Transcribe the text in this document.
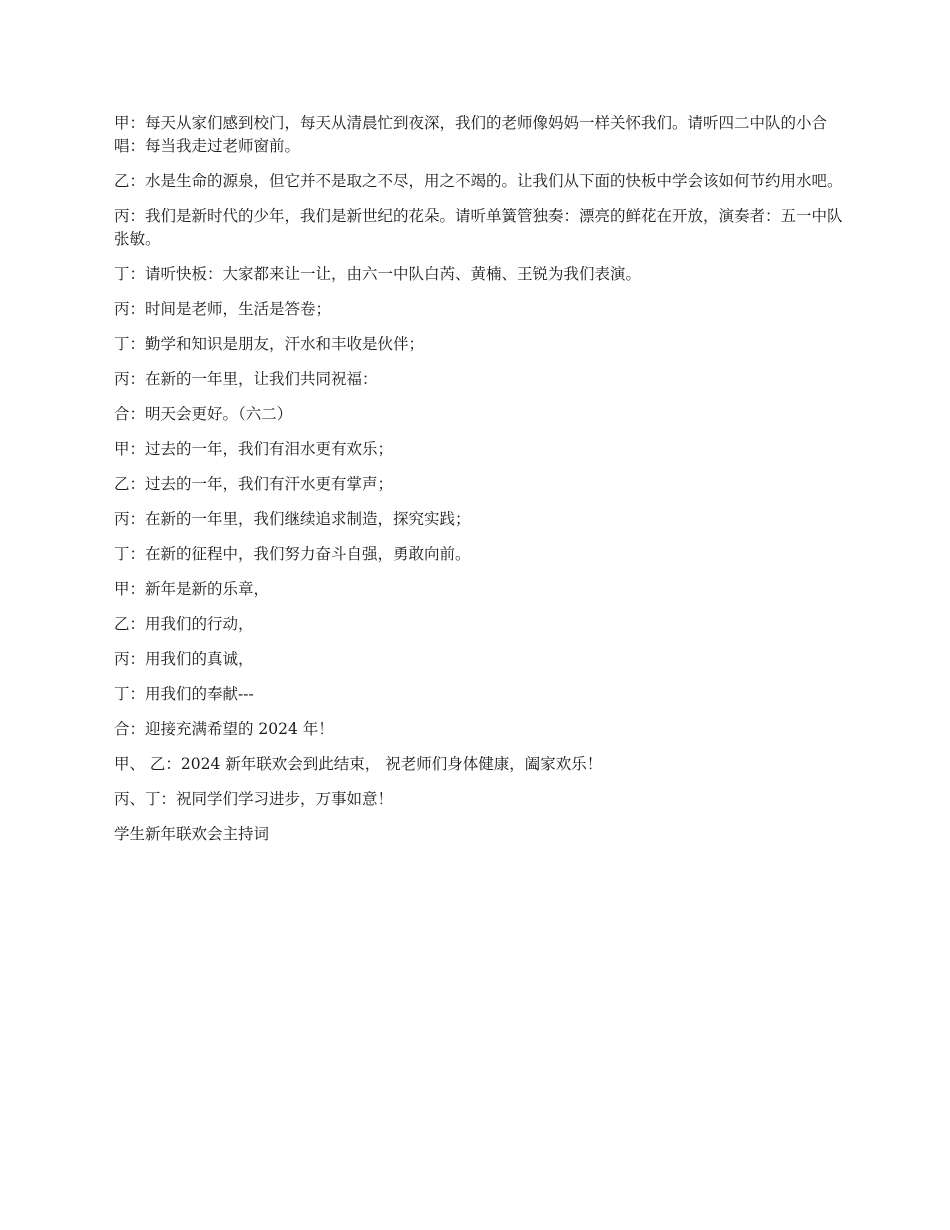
甲：每天从家们感到校门，每天从清晨忙到夜深，我们的老师像妈妈一样关怀我们。请听四二中队的小合唱：每当我走过老师窗前。

乙：水是生命的源泉，但它并不是取之不尽，用之不竭的。让我们从下面的快板中学会该如何节约用水吧。

丙：我们是新时代的少年，我们是新世纪的花朵。请听单簧管独奏：漂亮的鲜花在开放，演奏者：五一中队张敏。

丁：请听快板：大家都来让一让，由六一中队白芮、黄楠、王锐为我们表演。

丙：时间是老师，生活是答卷；

丁：勤学和知识是朋友，汗水和丰收是伙伴；

丙：在新的一年里，让我们共同祝福：

合：明天会更好。（六二）

甲：过去的一年，我们有泪水更有欢乐；

乙：过去的一年，我们有汗水更有掌声；

丙：在新的一年里，我们继续追求制造，探究实践；

丁：在新的征程中，我们努力奋斗自强，勇敢向前。

甲：新年是新的乐章，

乙：用我们的行动，

丙：用我们的真诚，

丁：用我们的奉献---

合：迎接充满希望的 2024 年！

甲、 乙：2024 新年联欢会到此结束， 祝老师们身体健康，阖家欢乐！

丙、丁：祝同学们学习进步，万事如意！

学生新年联欢会主持词
